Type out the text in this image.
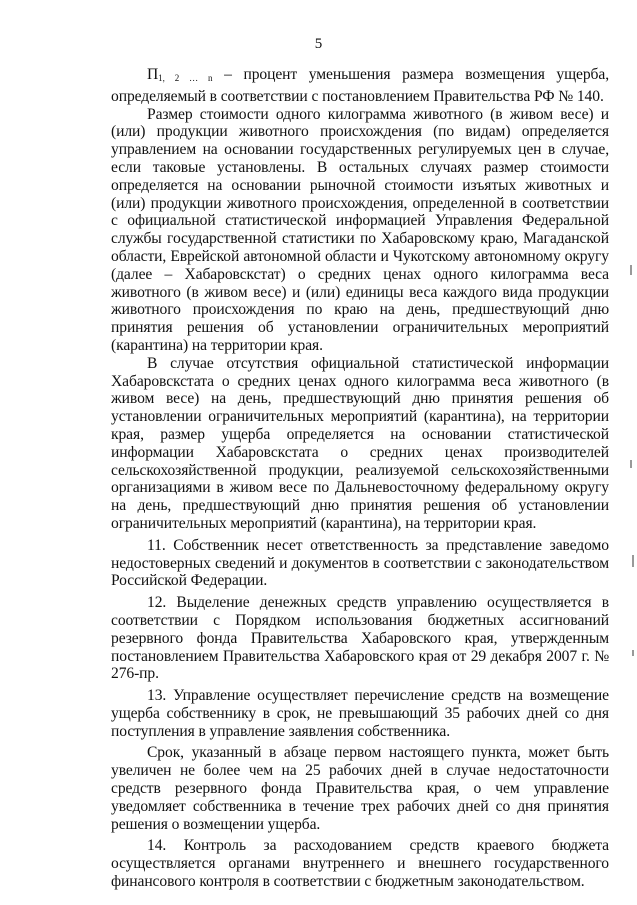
5

$П_{1, 2 \dots n}$ – процент уменьшения размера возмещения ущерба, определяемый в соответствии с постановлением Правительства РФ № 140.

Размер стоимости одного килограмма животного (в живом весе) и (или) продукции животного происхождения (по видам) определяется управлением на основании государственных регулируемых цен в случае, если таковые установлены. В остальных случаях размер стоимости определяется на основании рыночной стоимости изъятых животных и (или) продукции животного происхождения, определенной в соответствии с официальной статистической информацией Управления Федеральной службы государственной статистики по Хабаровскому краю, Магаданской области, Еврейской автономной области и Чукотскому автономному округу (далее – Хабаровскстат) о средних ценах одного килограмма веса животного (в живом весе) и (или) единицы веса каждого вида продукции животного происхождения по краю на день, предшествующий дню принятия решения об установлении ограничительных мероприятий (карантина) на территории края.

В случае отсутствия официальной статистической информации Хабаровскстата о средних ценах одного килограмма веса животного (в живом весе) на день, предшествующий дню принятия решения об установлении ограничительных мероприятий (карантина), на территории края, размер ущерба определяется на основании статистической информации Хабаровскстата о средних ценах производителей сельскохозяйственной продукции, реализуемой сельскохозяйственными организациями в живом весе по Дальневосточному федеральному округу на день, предшествующий дню принятия решения об установлении ограничительных мероприятий (карантина), на территории края.

11. Собственник несет ответственность за представление заведомо недостоверных сведений и документов в соответствии с законодательством Российской Федерации.

12. Выделение денежных средств управлению осуществляется в соответствии с Порядком использования бюджетных ассигнований резервного фонда Правительства Хабаровского края, утвержденным постановлением Правительства Хабаровского края от 29 декабря 2007 г. № 276-пр.

13. Управление осуществляет перечисление средств на возмещение ущерба собственнику в срок, не превышающий 35 рабочих дней со дня поступления в управление заявления собственника.

Срок, указанный в абзаце первом настоящего пункта, может быть увеличен не более чем на 25 рабочих дней в случае недостаточности средств резервного фонда Правительства края, о чем управление уведомляет собственника в течение трех рабочих дней со дня принятия решения о возмещении ущерба.

14. Контроль за расходованием средств краевого бюджета осуществляется органами внутреннего и внешнего государственного финансового контроля в соответствии с бюджетным законодательством.
